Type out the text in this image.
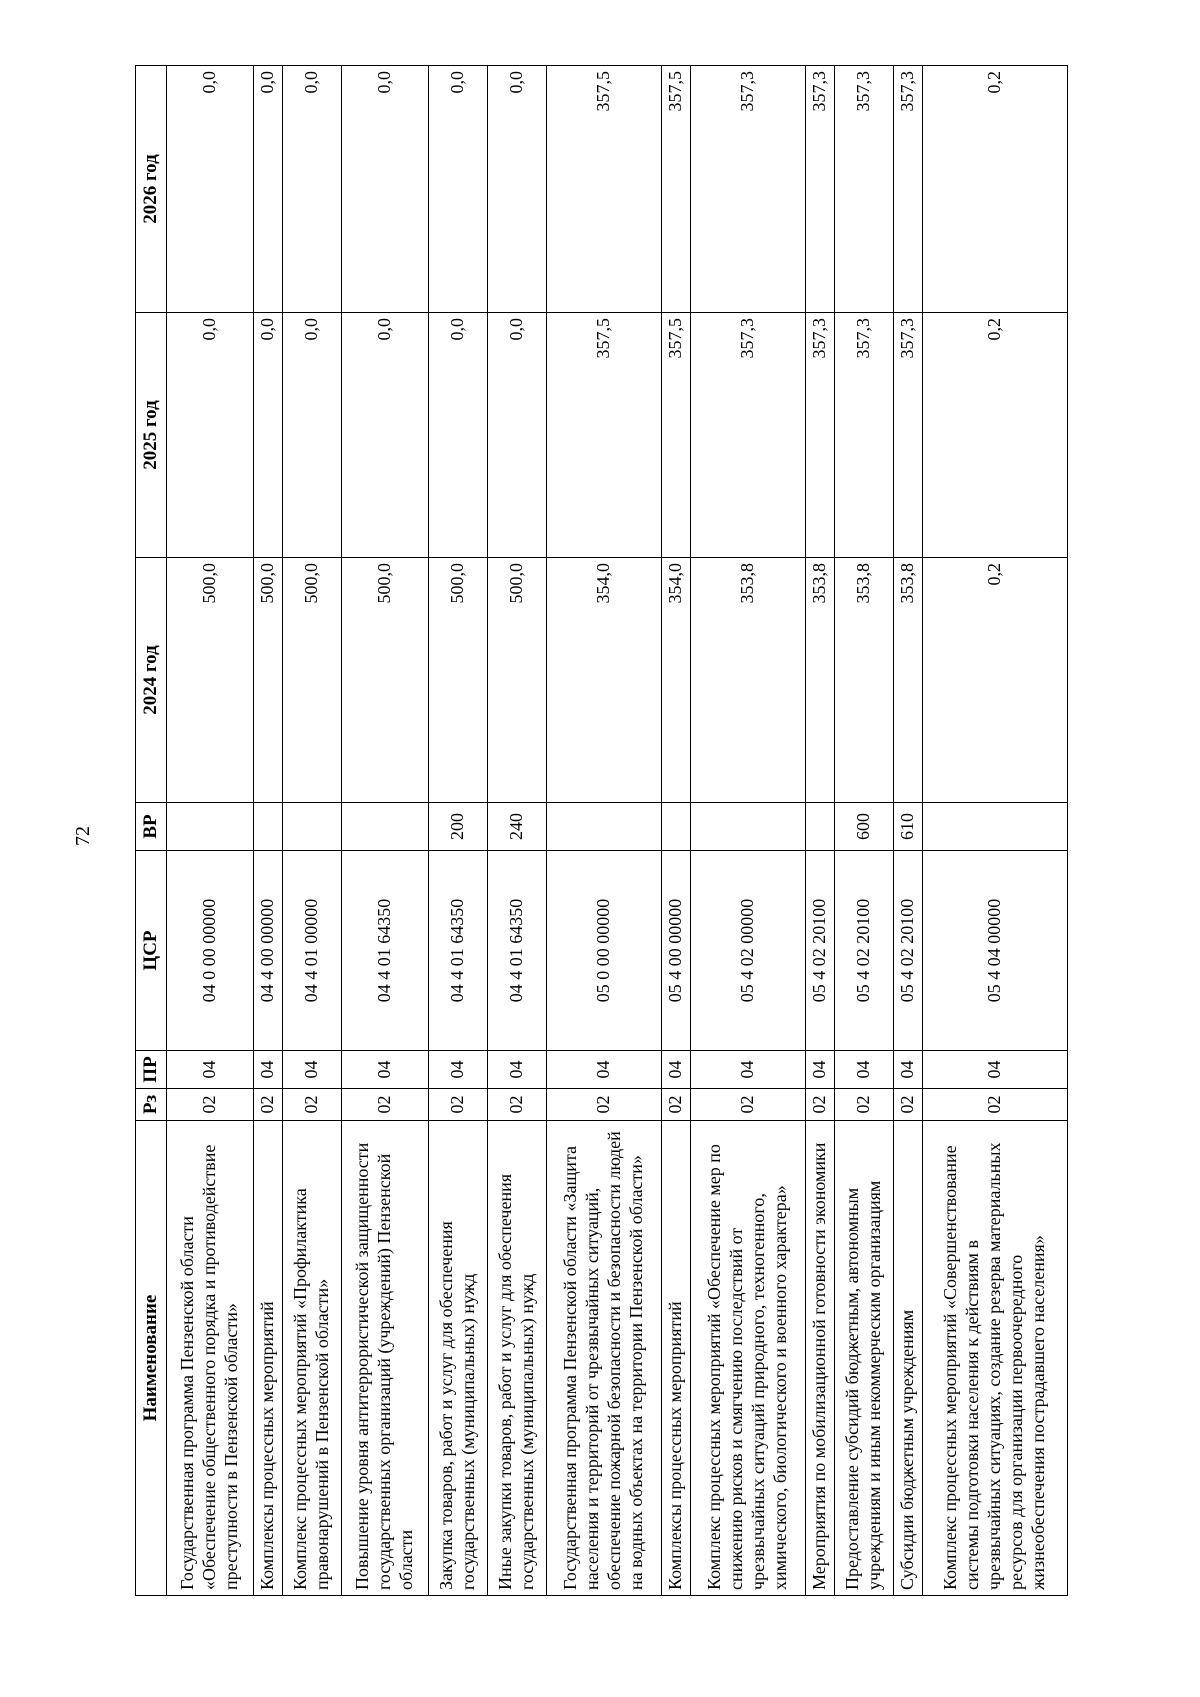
72
Наименование	Рз	ПР	ЦСР	ВР	2024 год	2025 год	2026 год
Государственная программа Пензенской области «Обеспечение общественного порядка и противодействие преступности в Пензенской области»	02	04	04 0 00 00000		500,0	0,0	0,0
Комплексы процессных мероприятий	02	04	04 4 00 00000		500,0	0,0	0,0
Комплекс процессных мероприятий «Профилактика правонарушений в Пензенской области»	02	04	04 4 01 00000		500,0	0,0	0,0
Повышение уровня антитеррористической защищенности государственных организаций (учреждений) Пензенской области	02	04	04 4 01 64350		500,0	0,0	0,0
Закупка товаров, работ и услуг для обеспечения государственных (муниципальных) нужд	02	04	04 4 01 64350	200	500,0	0,0	0,0
Иные закупки товаров, работ и услуг для обеспечения государственных (муниципальных) нужд	02	04	04 4 01 64350	240	500,0	0,0	0,0
Государственная программа Пензенской области «Защита населения и территорий от чрезвычайных ситуаций, обеспечение пожарной безопасности и безопасности людей на водных объектах на территории Пензенской области»	02	04	05 0 00 00000		354,0	357,5	357,5
Комплексы процессных мероприятий	02	04	05 4 00 00000		354,0	357,5	357,5
Комплекс процессных мероприятий «Обеспечение мер по снижению рисков и смягчению последствий от чрезвычайных ситуаций природного, техногенного, химического, биологического и военного характера»	02	04	05 4 02 00000		353,8	357,3	357,3
Мероприятия по мобилизационной готовности экономики	02	04	05 4 02 20100		353,8	357,3	357,3
Предоставление субсидий бюджетным, автономным учреждениям и иным некоммерческим организациям	02	04	05 4 02 20100	600	353,8	357,3	357,3
Субсидии бюджетным учреждениям	02	04	05 4 02 20100	610	353,8	357,3	357,3
Комплекс процессных мероприятий «Совершенствование системы подготовки населения к действиям в чрезвычайных ситуациях, создание резерва материальных ресурсов для организации первоочередного жизнеобеспечения пострадавшего населения»	02	04	05 4 04 00000		0,2	0,2	0,2
